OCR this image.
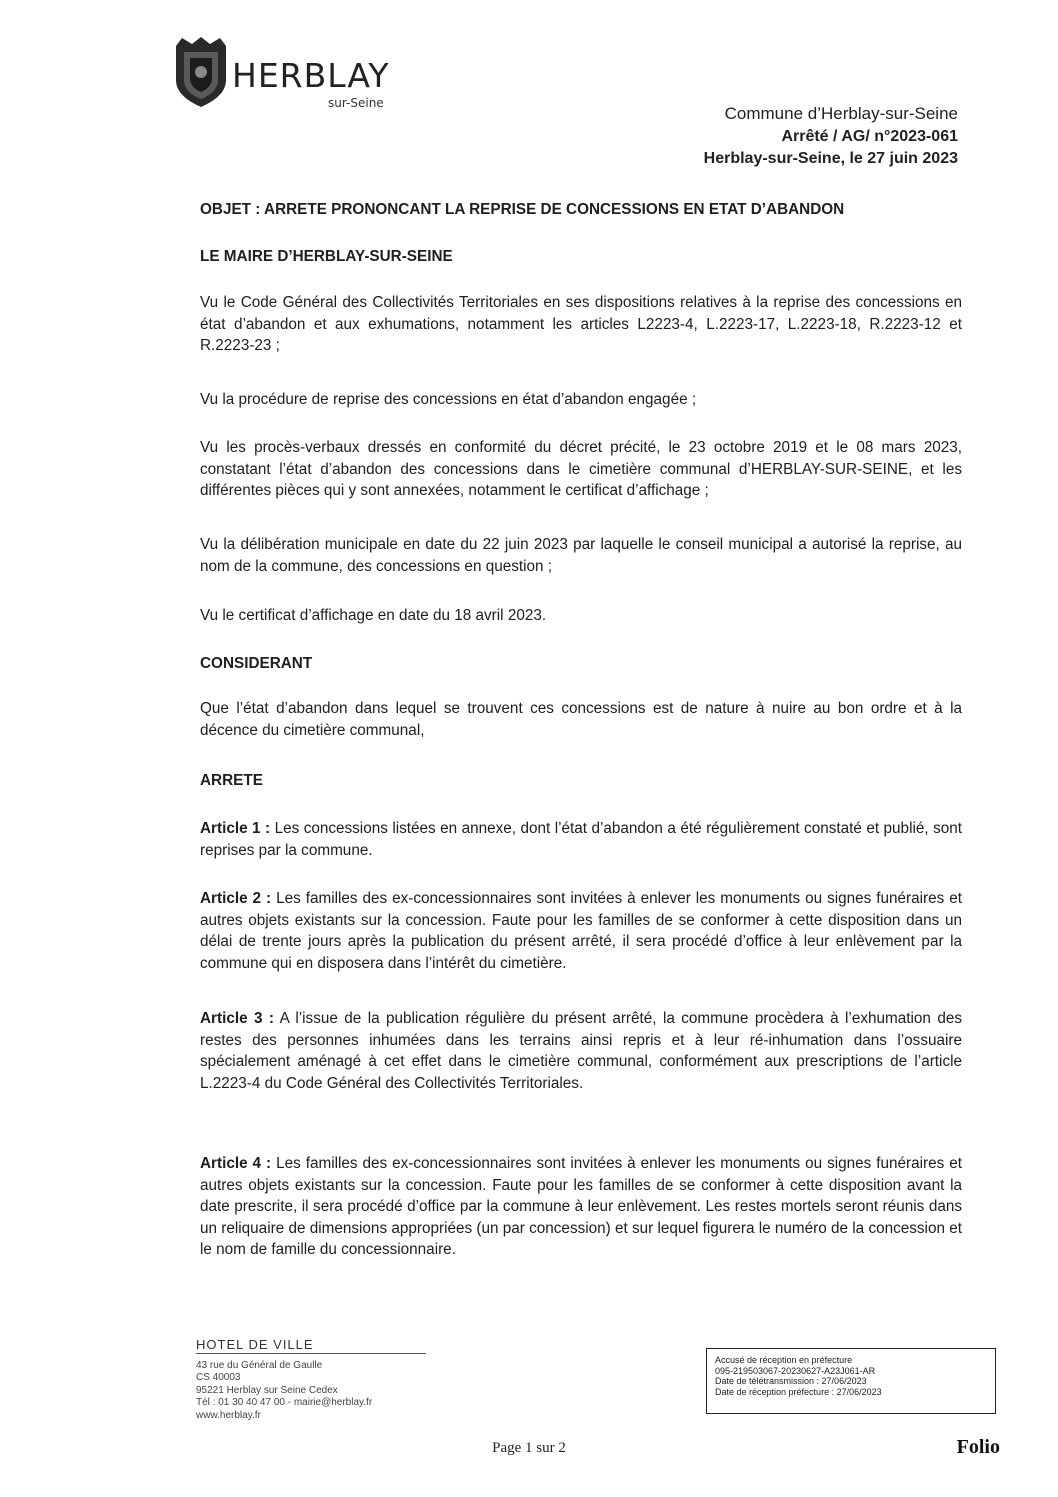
HERBLAY
sur-Seine
Commune d’Herblay-sur-Seine
Arrêté / AG/ n°2023-061
Herblay-sur-Seine, le 27 juin 2023
OBJET : ARRETE PRONONCANT LA REPRISE DE CONCESSIONS EN ETAT D’ABANDON
LE MAIRE D’HERBLAY-SUR-SEINE
Vu le Code Général des Collectivités Territoriales en ses dispositions relatives à la reprise des concessions en état d’abandon et aux exhumations, notamment les articles L2223-4, L.2223-17, L.2223-18, R.2223-12 et R.2223-23 ;
Vu la procédure de reprise des concessions en état d’abandon engagée ;
Vu les procès-verbaux dressés en conformité du décret précité, le 23 octobre 2019 et le 08 mars 2023, constatant l’état d’abandon des concessions dans le cimetière communal d’HERBLAY-SUR-SEINE, et les différentes pièces qui y sont annexées, notamment le certificat d’affichage ;
Vu la délibération municipale en date du 22 juin 2023 par laquelle le conseil municipal a autorisé la reprise, au nom de la commune, des concessions en question ;
Vu le certificat d’affichage en date du 18 avril 2023.
CONSIDERANT
Que l’état d’abandon dans lequel se trouvent ces concessions est de nature à nuire au bon ordre et à la décence du cimetière communal,
ARRETE
Article 1 : Les concessions listées en annexe, dont l’état d’abandon a été régulièrement constaté et publié, sont reprises par la commune.
Article 2 : Les familles des ex-concessionnaires sont invitées à enlever les monuments ou signes funéraires et autres objets existants sur la concession. Faute pour les familles de se conformer à cette disposition dans un délai de trente jours après la publication du présent arrêté, il sera procédé d’office à leur enlèvement par la commune qui en disposera dans l’intérêt du cimetière.
Article 3 : A l’issue de la publication régulière du présent arrêté, la commune procèdera à l’exhumation des restes des personnes inhumées dans les terrains ainsi repris et à leur ré-inhumation dans l’ossuaire spécialement aménagé à cet effet dans le cimetière communal, conformément aux prescriptions de l’article L.2223-4 du Code Général des Collectivités Territoriales.
Article 4 : Les familles des ex-concessionnaires sont invitées à enlever les monuments ou signes funéraires et autres objets existants sur la concession. Faute pour les familles de se conformer à cette disposition avant la date prescrite, il sera procédé d’office par la commune à leur enlèvement. Les restes mortels seront réunis dans un reliquaire de dimensions appropriées (un par concession) et sur lequel figurera le numéro de la concession et le nom de famille du concessionnaire.
HOTEL DE VILLE
43 rue du Général de Gaulle
CS 40003
95221 Herblay sur Seine Cedex
Tél : 01 30 40 47 00 - mairie@herblay.fr
www.herblay.fr
Accusé de réception en préfecture
095-219503067-20230627-A23J061-AR
Date de télétransmission : 27/06/2023
Date de réception préfecture : 27/06/2023
Page 1 sur 2	Folio
